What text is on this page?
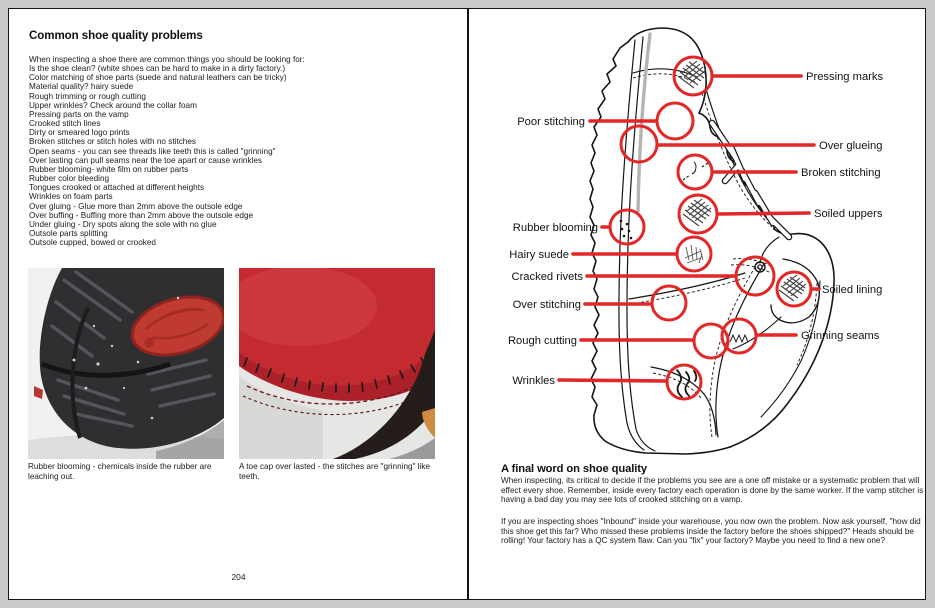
Common shoe quality problems
When inspecting a shoe there are common things you should be looking for:
Is the shoe clean? (white shoes can be hard to make in a dirty factory.)
Color matching of shoe parts (suede and natural leathers can be tricky)
Material quality? hairy suede
Rough trimming or rough cutting
Upper wrinkles? Check around the collar foam
Pressing parts on the vamp
Crooked stitch lines
Dirty or smeared logo prints
Broken stitches or stitch holes with no stitches
Open seams - you can see threads like teeth this is called "grinning"
Over lasting can pull seams near the toe apart or cause wrinkles
Rubber blooming- white film on rubber parts
Rubber color bleeding
Tongues crooked or attached at different heights
Wrinkles on foam parts
Over gluing - Glue more than 2mm above the outsole edge
Over buffing - Buffing more than 2mm above the outsole edge
Under gluing - Dry spots along the sole with no glue
Outsole parts splitting
Outsole cupped, bowed or crooked
Rubber blooming - chemicals inside the rubber are leaching out.
A toe cap over lasted - the stitches are "grinning" like teeth.
204
Pressing marks
Poor stitching
Over glueing
Broken stitching
Soiled uppers
Rubber blooming
Hairy suede
Cracked rivets
Soiled lining
Over stitching
Grinning seams
Rough cutting
Wrinkles
A final word on shoe quality
When inspecting, its critical to decide if the problems you see are a one off mistake or a systematic problem that will effect every shoe. Remember, inside every factory each operation is done by the same worker. If the vamp stitcher is having a bad day you may see lots of crooked stitching on a vamp.
If you are inspecting shoes "Inbound" inside your warehouse, you now own the problem. Now ask yourself, "how did this shoe get this far? Who missed these problems inside the factory before the shoes shipped?" Heads should be rolling! Your factory has a QC system flaw. Can you "fix" your factory? Maybe you need to find a new one?
